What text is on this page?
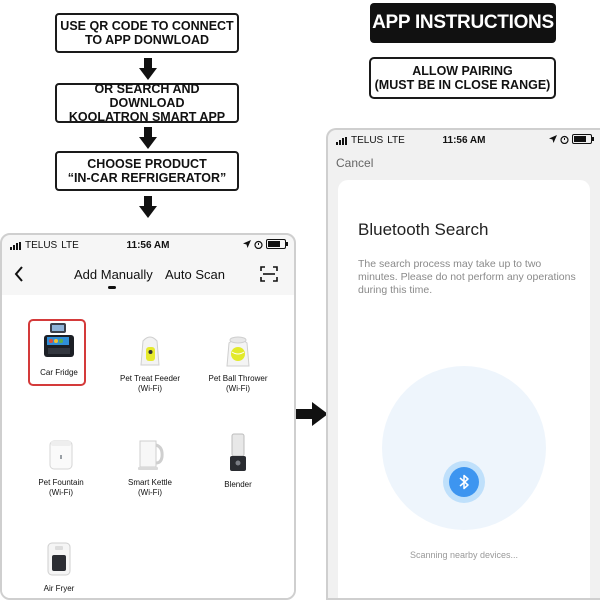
USE QR CODE TO CONNECT
TO APP DONWLOAD
OR SEARCH AND DOWNLOAD
KOOLATRON SMART APP
CHOOSE PRODUCT
“IN-CAR REFRIGERATOR”
APP INSTRUCTIONS
ALLOW PAIRING
(MUST BE IN CLOSE RANGE)
TELUS LTE	11:56 AM
Add Manually Auto Scan
Car Fridge
Pet Treat Feeder
(Wi-Fi)
Pet Ball Thrower
(Wi-Fi)
Pet Fountain
(Wi-Fi)
Smart Kettle
(Wi-Fi)
Blender
Air Fryer
TELUS LTE	11:56 AM
Cancel
Bluetooth Search
The search process may take up to two minutes. Please do not perform any operations during this time.
Scanning nearby devices...
